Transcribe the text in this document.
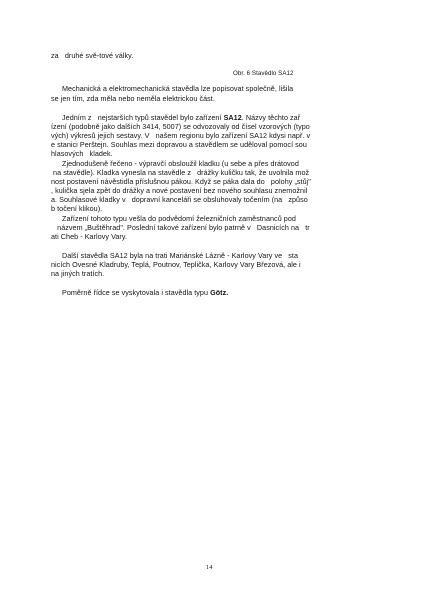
za   druhé svě-tové války.
Obr. 6 Stavědlo SA12
Mechanická a elektromechanická stavědla lze popisovat společně, lišila
se jen tím, zda měla nebo neměla elektrickou část.
Jedním z   nejstarších typů stavědel bylo zařízení SA12. Názvy těchto zař
ízení (podobně jako dalších 3414, 5007) se odvozovaly od čísel vzorových (typo
vých) výkresů jejich sestavy. V   našem regionu bylo zařízení SA12 kdysi např. v
e stanici Perštejn. Souhlas mezi dopravou a stavědlem se uděloval pomocí sou
hlasových   kladek.
Zjednodušeně řečeno - výpravčí obsloužil kladku (u sebe a přes drátovod
na stavědle). Kladka vynesla na stavědle z   drážky kuličku tak, že uvolnila mož
nost postavení návěstidla příslušnou pákou. Když se páka dala do   polohy „stůj"
, kulička sjela zpět do drážky a nové postavení bez nového souhlasu znemožnil
a. Souhlasové kladky v   dopravní kanceláři se obsluhovaly točením (na   způso
b točení klikou).
Zařízení tohoto typu vešla do podvědomí železničních zaměstnanců pod
názvem „Buštěhrad". Poslední takové zařízení bylo patrně v   Dasnicích na   tr
ati Cheb - Karlovy Vary.
Další stavědla SA12 byla na trati Mariánské Lázně - Karlovy Vary ve   sta
nicích Ovesné Kladruby, Teplá, Poutnov, Teplička, Karlovy Vary Březová, ale i
na jiných tratích.
Poměrně řídce se vyskytovala i stavědla typu Götz.
14
